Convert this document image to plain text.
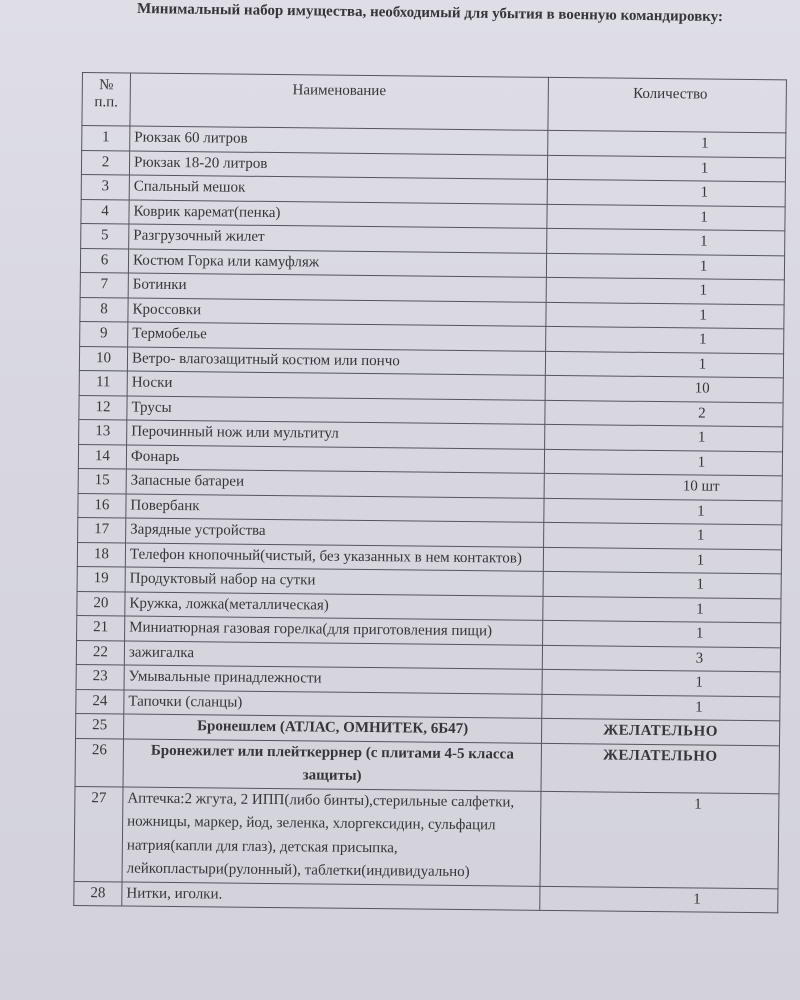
Минимальный набор имущества, необходимый для убытия в военную командировку:
№ п.п.	Наименование	Количество
1	Рюкзак 60 литров	1
2	Рюкзак 18-20 литров	1
3	Спальный мешок	1
4	Коврик каремат(пенка)	1
5	Разгрузочный жилет	1
6	Костюм Горка или камуфляж	1
7	Ботинки	1
8	Кроссовки	1
9	Термобелье	1
10	Ветро- влагозащитный костюм или пончо	1
11	Носки	10
12	Трусы	2
13	Перочинный нож или мультитул	1
14	Фонарь	1
15	Запасные батареи	10 шт
16	Повербанк	1
17	Зарядные устройства	1
18	Телефон кнопочный(чистый, без указанных в нем контактов)	1
19	Продуктовый набор на сутки	1
20	Кружка, ложка(металлическая)	1
21	Миниатюрная газовая горелка(для приготовления пищи)	1
22	зажигалка	3
23	Умывальные принадлежности	1
24	Тапочки (сланцы)	1
25	Бронешлем (АТЛАС, ОМНИТЕК, 6Б47)	ЖЕЛАТЕЛЬНО
26	Бронежилет или плейткеррнер (с плитами 4-5 класса защиты)	ЖЕЛАТЕЛЬНО
27	Аптечка:2 жгута, 2 ИПП(либо бинты),стерильные салфетки, ножницы, маркер, йод, зеленка, хлоргексидин, сульфацил натрия(капли для глаз), детская присыпка, лейкопластыри(рулонный), таблетки(индивидуально)	1
28	Нитки, иголки.	1
